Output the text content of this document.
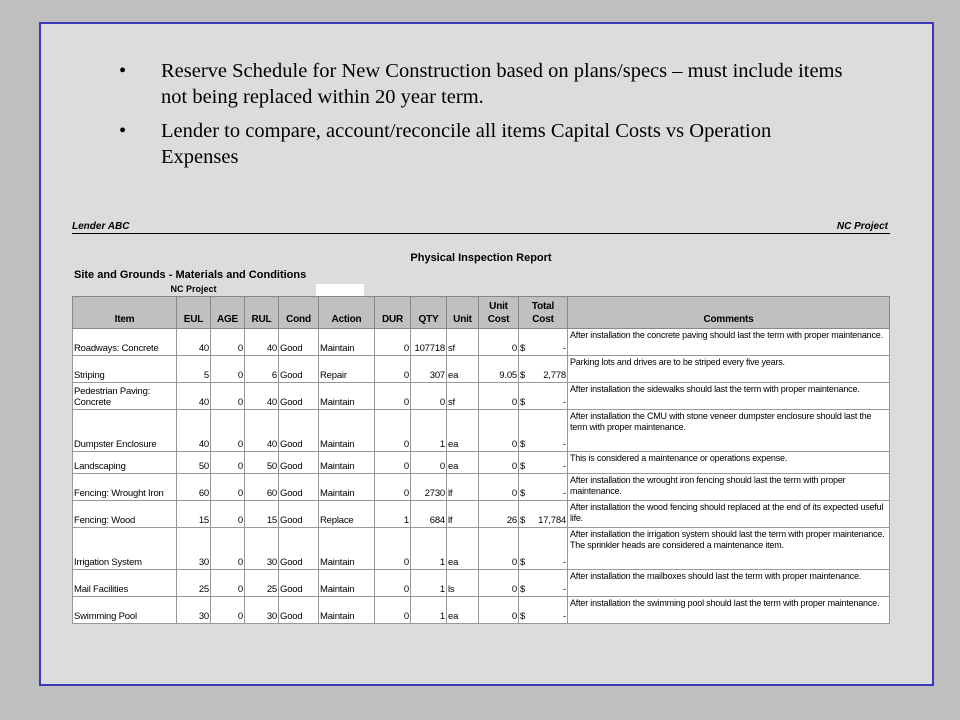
• Reserve Schedule for New Construction based on plans/specs – must include items not being replaced within 20 year term.
• Lender to compare, account/reconcile all items Capital Costs vs Operation Expenses
Lender ABC	NC Project
Physical Inspection Report
Site and Grounds - Materials and Conditions
NC Project
Item	EUL	AGE	RUL	Cond	Action	DUR	QTY	Unit	Unit Cost	Total Cost	Comments
Roadways: Concrete	40	0	40	Good	Maintain	0	107718	sf	0	$ -	After installation the concrete paving should last the term with proper maintenance.
Striping	5	0	6	Good	Repair	0	307	ea	9.05	$ 2,778	Parking lots and drives are to be striped every five years.
Pedestrian Paving: Concrete	40	0	40	Good	Maintain	0	0	sf	0	$ -	After installation the sidewalks should last the term with proper maintenance.
Dumpster Enclosure	40	0	40	Good	Maintain	0	1	ea	0	$ -	After installation the CMU with stone veneer dumpster enclosure should last the term with proper maintenance.
Landscaping	50	0	50	Good	Maintain	0	0	ea	0	$ -	This is considered a maintenance or operations expense.
Fencing: Wrought Iron	60	0	60	Good	Maintain	0	2730	lf	0	$ -	After installation the wrought iron fencing should last the term with proper maintenance.
Fencing: Wood	15	0	15	Good	Replace	1	684	lf	26	$ 17,784	After installation the wood fencing should replaced at the end of its expected useful life.
Irrigation System	30	0	30	Good	Maintain	0	1	ea	0	$ -	After installation the irrigation system should last the term with proper maintenance. The sprinkler heads are considered a maintenance item.
Mail Facilities	25	0	25	Good	Maintain	0	1	ls	0	$ -	After installation the mailboxes should last the term with proper maintenance.
Swimming Pool	30	0	30	Good	Maintain	0	1	ea	0	$ -	After installation the swimming pool should last the term with proper maintenance.
